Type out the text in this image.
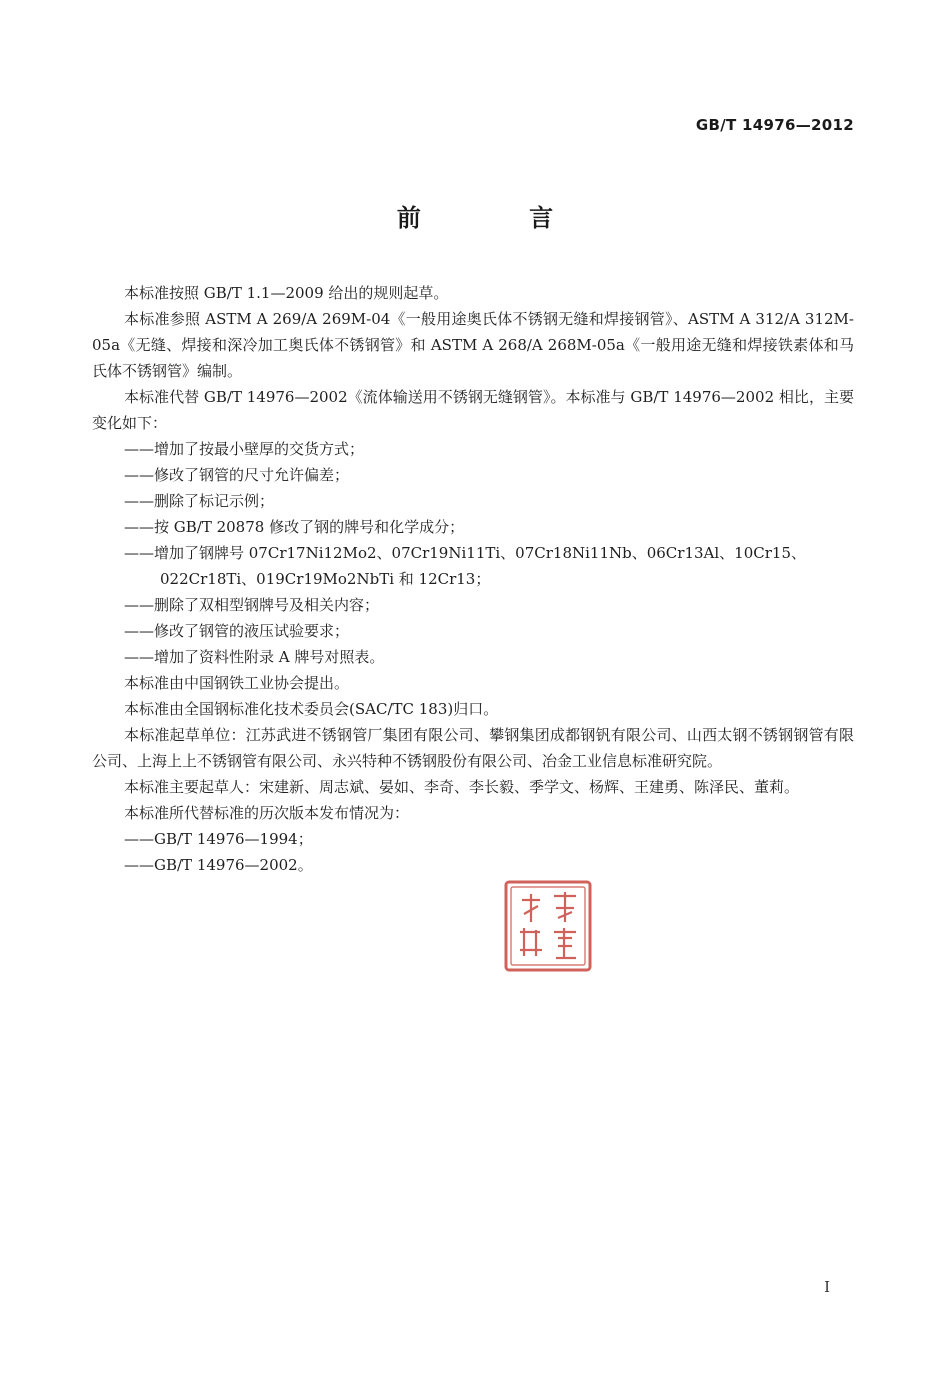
GB/T 14976—2012
前 言

本标准按照 GB/T 1.1—2009 给出的规则起草。

本标准参照 ASTM A 269/A 269M-04《一般用途奥氏体不锈钢无缝和焊接钢管》、ASTM A 312/A 312M-05a《无缝、焊接和深冷加工奥氏体不锈钢管》和 ASTM A 268/A 268M-05a《一般用途无缝和焊接铁素体和马氏体不锈钢管》编制。

本标准代替 GB/T 14976—2002《流体输送用不锈钢无缝钢管》。本标准与 GB/T 14976—2002 相比，主要变化如下：

——增加了按最小壁厚的交货方式；

——修改了钢管的尺寸允许偏差；

——删除了标记示例；

——按 GB/T 20878 修改了钢的牌号和化学成分；

——增加了钢牌号 07Cr17Ni12Mo2、07Cr19Ni11Ti、07Cr18Ni11Nb、06Cr13Al、10Cr15、022Cr18Ti、019Cr19Mo2NbTi 和 12Cr13；

——删除了双相型钢牌号及相关内容；

——修改了钢管的液压试验要求；

——增加了资料性附录 A 牌号对照表。

本标准由中国钢铁工业协会提出。

本标准由全国钢标准化技术委员会(SAC/TC 183)归口。

本标准起草单位：江苏武进不锈钢管厂集团有限公司、攀钢集团成都钢钒有限公司、山西太钢不锈钢钢管有限公司、上海上上不锈钢管有限公司、永兴特种不锈钢股份有限公司、冶金工业信息标准研究院。

本标准主要起草人：宋建新、周志斌、晏如、李奇、李长毅、季学文、杨辉、王建勇、陈泽民、董莉。

本标准所代替标准的历次版本发布情况为：

——GB/T 14976—1994；

——GB/T 14976—2002。

I
